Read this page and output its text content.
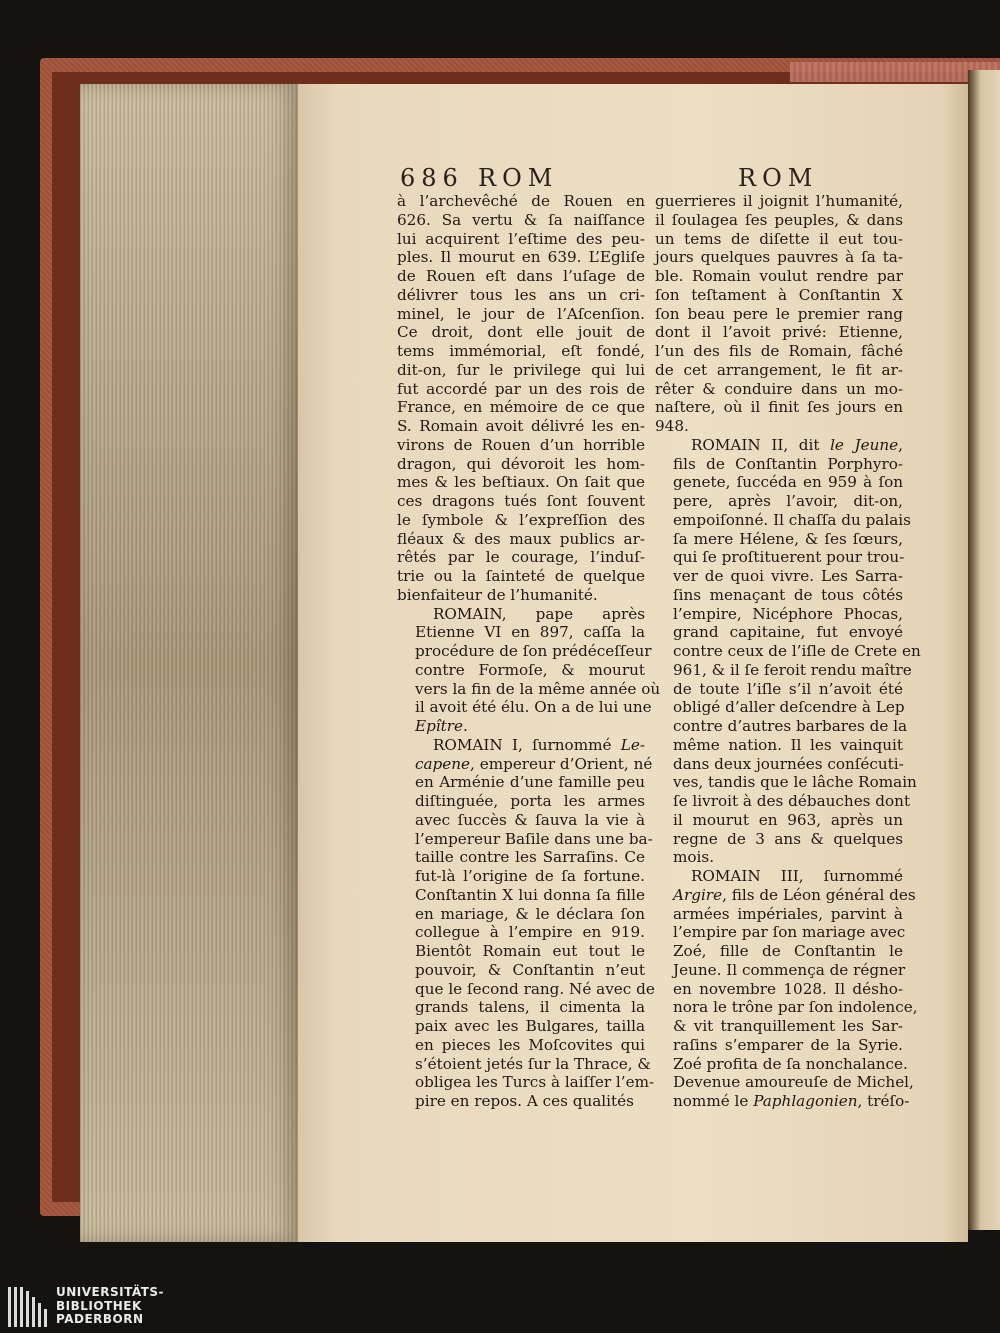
686 ROM	ROM
à l’archevêché de Rouen en
626. Sa vertu & ſa naiſſance
lui acquirent l’eſtime des peu-
ples. Il mourut en 639. L’Egliſe
de Rouen eſt dans l’uſage de
délivrer tous les ans un cri-
minel, le jour de l’Aſcenſion.
Ce droit, dont elle jouit de
tems immémorial, eſt fondé,
dit-on, ſur le privilege qui lui
fut accordé par un des rois de
France, en mémoire de ce que
S. Romain avoit délivré les en-
virons de Rouen d’un horrible
dragon, qui dévoroit les hom-
mes & les beſtiaux. On ſait que
ces dragons tués ſont ſouvent
le ſymbole & l’expreſſion des
fléaux & des maux publics ar-
rêtés par le courage, l’induſ-
trie ou la ſainteté de quelque
bienfaiteur de l’humanité.
ROMAIN, pape après
Etienne VI en 897, caſſa la
procédure de ſon prédéceſſeur
contre Formoſe, & mourut
vers la fin de la même année où
il avoit été élu. On a de lui une
Epître.
ROMAIN I, ſurnommé Le-
capene, empereur d’Orient, né
en Arménie d’une famille peu
diſtinguée, porta les armes
avec ſuccès & ſauva la vie à
l’empereur Baſile dans une ba-
taille contre les Sarraſins. Ce
fut-là l’origine de ſa fortune.
Conſtantin X lui donna ſa fille
en mariage, & le déclara ſon
collegue à l’empire en 919.
Bientôt Romain eut tout le
pouvoir, & Conſtantin n’eut
que le ſecond rang. Né avec de
grands talens, il cimenta la
paix avec les Bulgares, tailla
en pieces les Moſcovites qui
s’étoient jetés ſur la Thrace, &
obligea les Turcs à laiſſer l’em-
pire en repos. A ces qualités
guerrieres il joignit l’humanité,
il ſoulagea ſes peuples, & dans
un tems de diſette il eut tou-
jours quelques pauvres à ſa ta-
ble. Romain voulut rendre par
ſon teſtament à Conſtantin X
ſon beau pere le premier rang
dont il l’avoit privé: Etienne,
l’un des fils de Romain, fâché
de cet arrangement, le fit ar-
rêter & conduire dans un mo-
naſtere, où il finit ſes jours en
948.
ROMAIN II, dit le Jeune,
fils de Conſtantin Porphyro-
genete, ſuccéda en 959 à ſon
pere, après l’avoir, dit-on,
empoiſonné. Il chaſſa du palais
ſa mere Hélene, & ſes ſœurs,
qui ſe proſtituerent pour trou-
ver de quoi vivre. Les Sarra-
ſins menaçant de tous côtés
l’empire, Nicéphore Phocas,
grand capitaine, fut envoyé
contre ceux de l’iſle de Crete en
961, & il ſe feroit rendu maître
de toute l’iſle s’il n’avoit été
obligé d’aller deſcendre à Lep
contre d’autres barbares de la
même nation. Il les vainquit
dans deux journées conſécuti-
ves, tandis que le lâche Romain
ſe livroit à des débauches dont
il mourut en 963, après un
regne de 3 ans & quelques
mois.
ROMAIN III, ſurnommé
Argire, fils de Léon général des
armées impériales, parvint à
l’empire par ſon mariage avec
Zoé, fille de Conſtantin le
Jeune. Il commença de régner
en novembre 1028. Il désho-
nora le trône par ſon indolence,
& vit tranquillement les Sar-
raſins s’emparer de la Syrie.
Zoé profita de ſa nonchalance.
Devenue amoureuſe de Michel,
nommé le Paphlagonien, tréſo-
UNIVERSITÄTS-
BIBLIOTHEK
PADERBORN
